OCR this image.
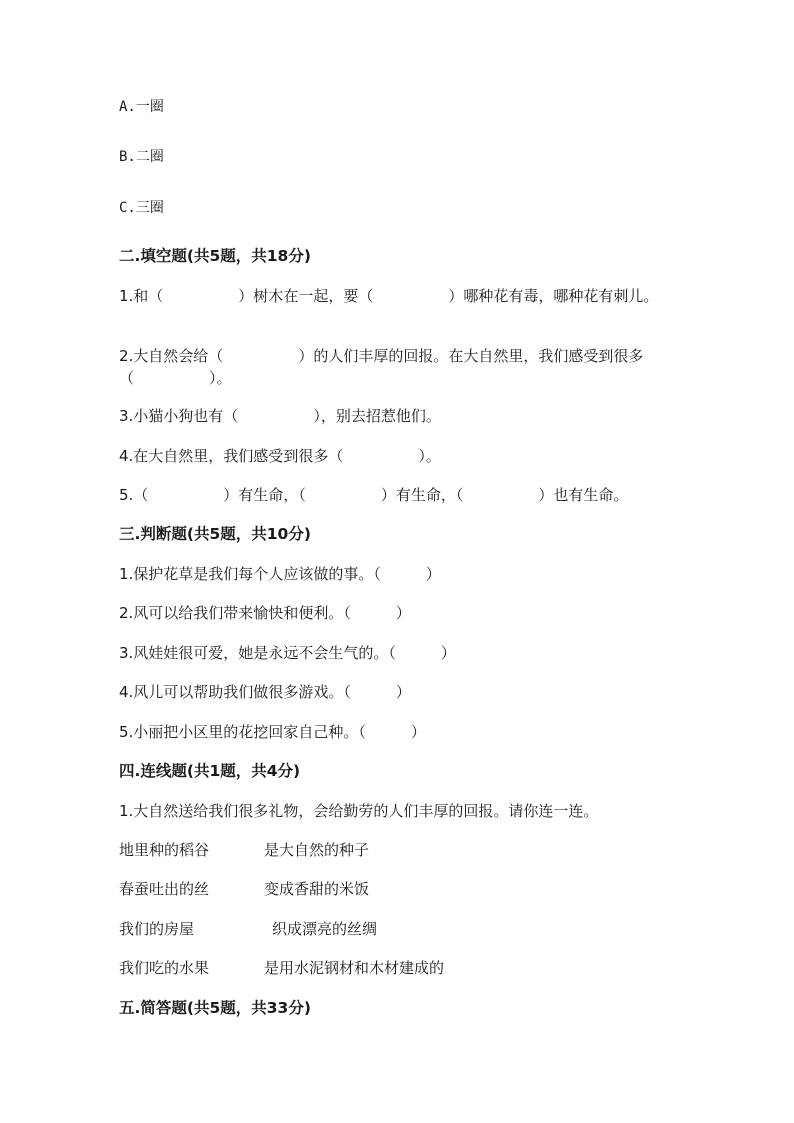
A.一圈
B.二圈
C.三圈
二.填空题(共5题，共18分)
1.和（　　　　　）树木在一起，要（　　　　　）哪种花有毒，哪种花有刺儿。
2.大自然会给（　　　　　）的人们丰厚的回报。在大自然里，我们感受到很多（　　　　　）。
3.小猫小狗也有（　　　　　），别去招惹他们。
4.在大自然里，我们感受到很多（　　　　　）。
5.（　　　　　）有生命，（　　　　　）有生命，（　　　　　）也有生命。
三.判断题(共5题，共10分)
1.保护花草是我们每个人应该做的事。（　　　）
2.风可以给我们带来愉快和便利。（　　　）
3.风娃娃很可爱，她是永远不会生气的。（　　　）
4.风儿可以帮助我们做很多游戏。（　　　）
5.小丽把小区里的花挖回家自己种。（　　　）
四.连线题(共1题，共4分)
1.大自然送给我们很多礼物，会给勤劳的人们丰厚的回报。请你连一连。
地里种的稻谷	是大自然的种子
春蚕吐出的丝	变成香甜的米饭
我们的房屋	织成漂亮的丝绸
我们吃的水果	是用水泥钢材和木材建成的
五.简答题(共5题，共33分)
